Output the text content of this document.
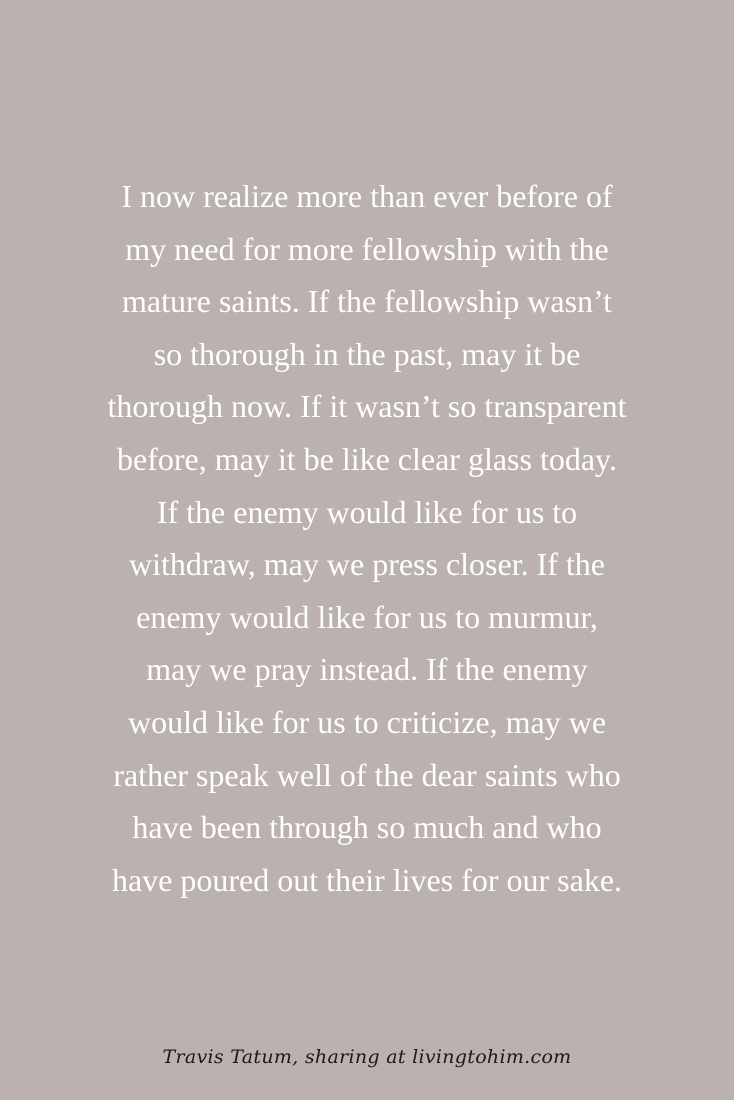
I now realize more than ever before of
my need for more fellowship with the
mature saints. If the fellowship wasn’t
so thorough in the past, may it be
thorough now. If it wasn’t so transparent
before, may it be like clear glass today.
If the enemy would like for us to
withdraw, may we press closer. If the
enemy would like for us to murmur,
may we pray instead. If the enemy
would like for us to criticize, may we
rather speak well of the dear saints who
have been through so much and who
have poured out their lives for our sake.

Travis Tatum, sharing at livingtohim.com
